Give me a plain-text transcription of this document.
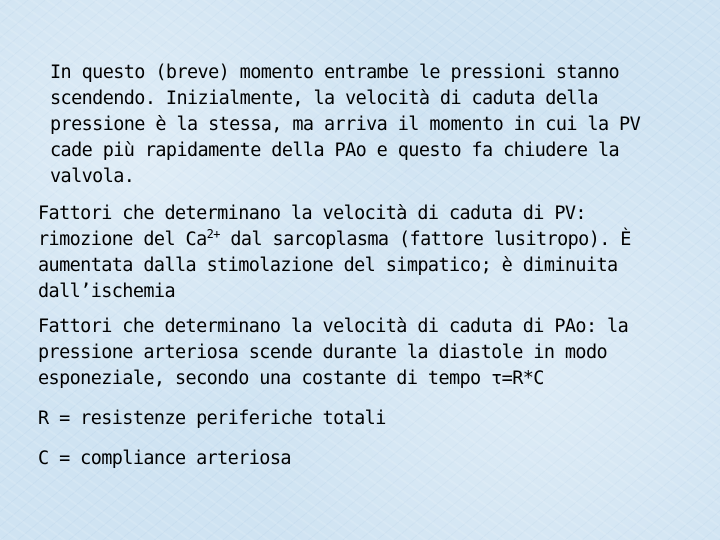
In questo (breve) momento entrambe le pressioni stanno
scendendo. Inizialmente, la velocità di caduta della
pressione è la stessa, ma arriva il momento in cui la PV
cade più rapidamente della PAo e questo fa chiudere la
valvola.
Fattori che determinano la velocità di caduta di PV:
rimozione del $Ca^{2+}$ dal sarcoplasma (fattore lusitropo). È
aumentata dalla stimolazione del simpatico; è diminuita
dall’ischemia
Fattori che determinano la velocità di caduta di PAo: la
pressione arteriosa scende durante la diastole in modo
esponeziale, secondo una costante di tempo τ=R*C
R = resistenze periferiche totali
C = compliance arteriosa
